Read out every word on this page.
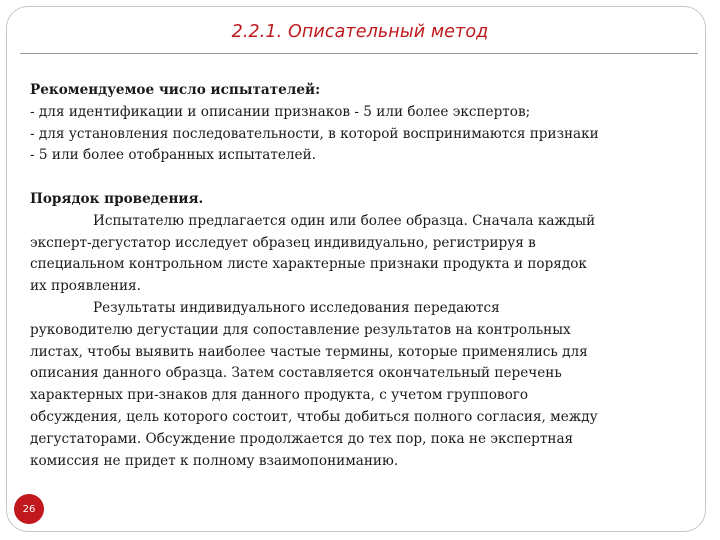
2.2.1. Описательный метод
Рекомендуемое число испытателей:
- для идентификации и описании признаков - 5 или более экспертов;
- для установления последовательности, в которой воспринимаются признаки
- 5 или более отобранных испытателей.
Порядок проведения.
Испытателю предлагается один или более образца. Сначала каждый
эксперт-дегустатор исследует образец индивидуально, регистрируя в
специальном контрольном листе характерные признаки продукта и порядок
их проявления.
Результаты индивидуального исследования передаются
руководителю дегустации для сопоставление результатов на контрольных
листах, чтобы выявить наиболее частые термины, которые применялись для
описания данного образца. Затем составляется окончательный перечень
характерных при-знаков для данного продукта, с учетом группового
обсуждения, цель которого состоит, чтобы добиться полного согласия, между
дегустаторами. Обсуждение продолжается до тех пор, пока не экспертная
комиссия не придет к полному взаимопониманию.
26
